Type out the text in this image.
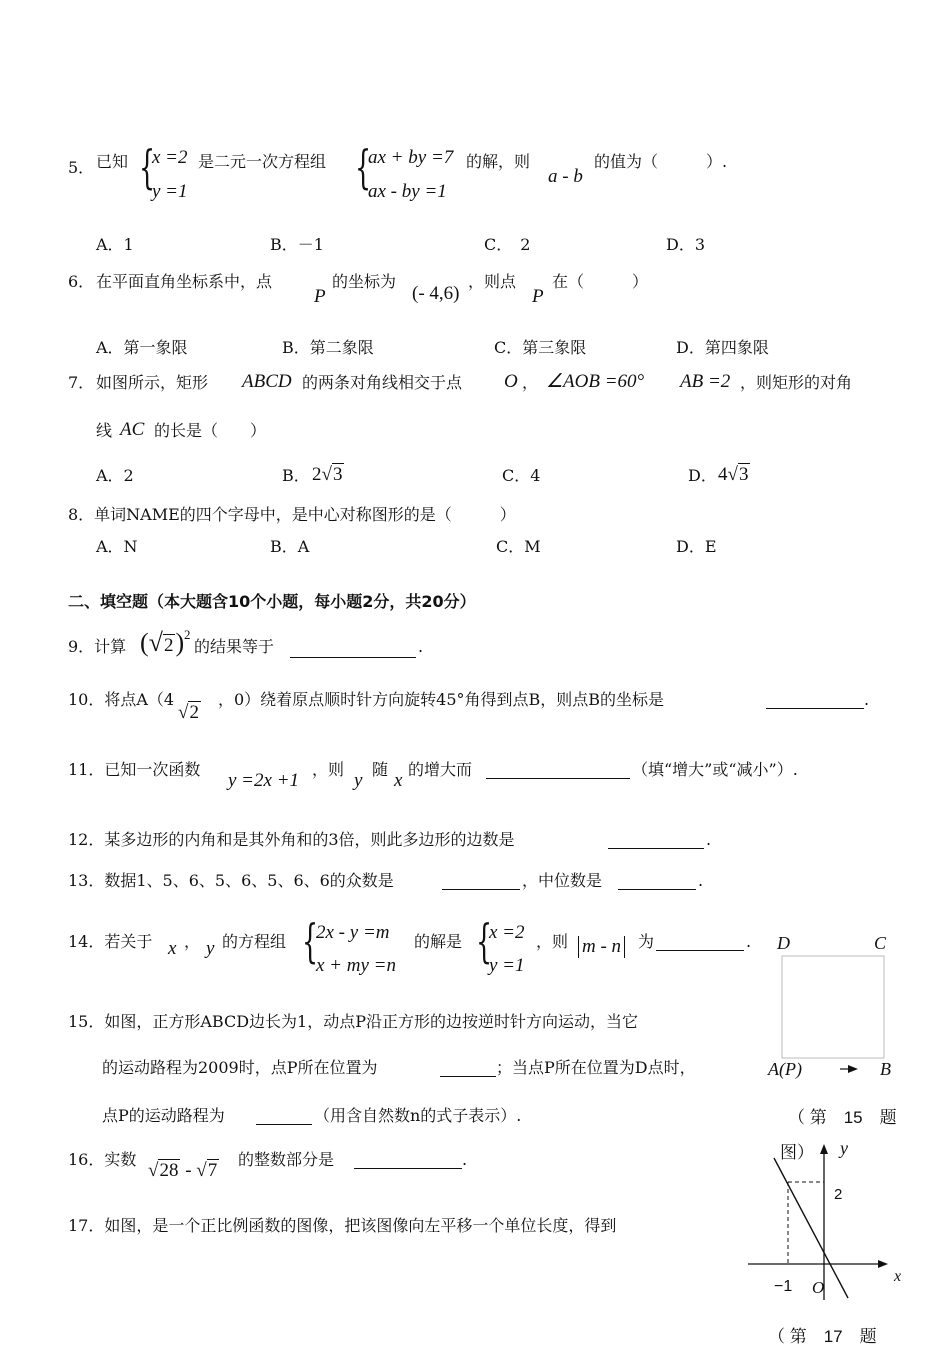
5． 已知 {
x =2
y =1
是二元一次方程组 {
ax + by =7
ax - by =1
的解，则
a - b
的值为（　　　）.
A．1	B．－1	C．　2	D．3
6． 在平面直角坐标系中，点
P
的坐标为
(- 4,6)
，则点
P
在（　　　）
A．第一象限	B．第二象限	C．第三象限	D．第四象限
7． 如图所示，矩形 ABCD 的两条对角线相交于点 O ， ∠AOB =60° AB =2 ，则矩形的对角
线 AC 的长是（　　）
A．2	B． 2√3	C．4	D． 4√3
8．单词NAME的四个字母中，是中心对称图形的是（　　　）
A．N	B．A	C．M	D．E
二、填空题（本大题含10个小题，每小题2分，共20分）
9．计算 (√2) 2
的结果等于	.
10．将点A（4
√2
，0）绕着原点顺时针方向旋转45°角得到点B，则点B的坐标是	.
11．已知一次函数
y =2x +1
，则
y
随
x
的增大而	（填“增大”或“减小”）.
12．某多边形的内角和是其外角和的3倍，则此多边形的边数是	.
13．数据1、5、6、5、6、5、6、6的众数是	，中位数是	.
14．若关于 x ， y 的方程组 {
2x - y =m
x + my =n
的解是 {
x =2
y =1
，则 m - n 为	.
15．如图，正方形ABCD边长为1，动点P沿正方形的边按逆时针方向运动，当它
的运动路程为2009时，点P所在位置为	；当点P所在位置为D点时，
点P的运动路程为	（用含自然数n的式子表示）.
16．实数
√28 - √7
的整数部分是	.
17．如图，是一个正比例函数的图像，把该图像向左平移一个单位长度，得到
D	C
A(P)	B
（ 第　15　题
图） y
2
x
−1 O
（ 第　17　题
